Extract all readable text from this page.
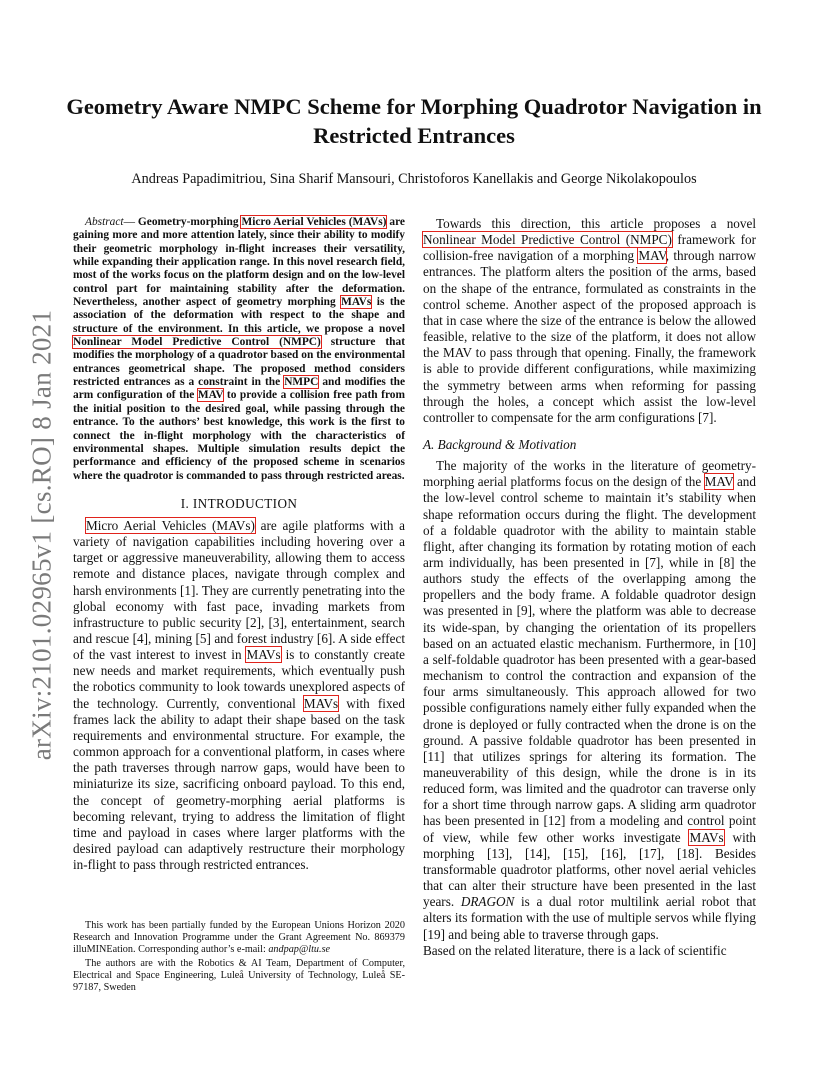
arXiv:2101.02965v1 [cs.RO] 8 Jan 2021
Geometry Aware NMPC Scheme for Morphing Quadrotor Navigation in Restricted Entrances
Andreas Papadimitriou, Sina Sharif Mansouri, Christoforos Kanellakis and George Nikolakopoulos

Abstract— Geometry-morphing Micro Aerial Vehicles (MAVs) are gaining more and more attention lately, since their ability to modify their geometric morphology in-flight increases their versatility, while expanding their application range. In this novel research field, most of the works focus on the platform design and on the low-level control part for maintaining stability after the deformation. Nevertheless, another aspect of geometry morphing MAVs is the association of the deformation with respect to the shape and structure of the environment. In this article, we propose a novel Nonlinear Model Predictive Control (NMPC) structure that modifies the morphology of a quadrotor based on the environmental entrances geometrical shape. The proposed method considers restricted entrances as a constraint in the NMPC and modifies the arm configuration of the MAV to provide a collision free path from the initial position to the desired goal, while passing through the entrance. To the authors’ best knowledge, this work is the first to connect the in-flight morphology with the characteristics of environmental shapes. Multiple simulation results depict the performance and efficiency of the proposed scheme in scenarios where the quadrotor is commanded to pass through restricted areas.

I. INTRODUCTION

Micro Aerial Vehicles (MAVs) are agile platforms with a variety of navigation capabilities including hovering over a target or aggressive maneuverability, allowing them to access remote and distance places, navigate through complex and harsh environments [1]. They are currently penetrating into the global economy with fast pace, invading markets from infrastructure to public security [2], [3], entertainment, search and rescue [4], mining [5] and forest industry [6]. A side effect of the vast interest to invest in MAVs is to constantly create new needs and market requirements, which eventually push the robotics community to look towards unexplored aspects of the technology. Currently, conventional MAVs with fixed frames lack the ability to adapt their shape based on the task requirements and environmental structure. For example, the common approach for a conventional platform, in cases where the path traverses through narrow gaps, would have been to miniaturize its size, sacrificing onboard payload. To this end, the concept of geometry-morphing aerial platforms is becoming relevant, trying to address the limitation of flight time and payload in cases where larger platforms with the desired payload can adaptively restructure their morphology in-flight to pass through restricted entrances.

This work has been partially funded by the European Unions Horizon 2020 Research and Innovation Programme under the Grant Agreement No. 869379 illuMINEation. Corresponding author’s e-mail: andpap@ltu.se

The authors are with the Robotics & AI Team, Department of Computer, Electrical and Space Engineering, Luleå University of Technology, Luleå SE-97187, Sweden

Towards this direction, this article proposes a novel Nonlinear Model Predictive Control (NMPC) framework for collision-free navigation of a morphing MAV, through narrow entrances. The platform alters the position of the arms, based on the shape of the entrance, formulated as constraints in the control scheme. Another aspect of the proposed approach is that in case where the size of the entrance is below the allowed feasible, relative to the size of the platform, it does not allow the MAV to pass through that opening. Finally, the framework is able to provide different configurations, while maximizing the symmetry between arms when reforming for passing through the holes, a concept which assist the low-level controller to compensate for the arm configurations [7].

A. Background & Motivation

The majority of the works in the literature of geometry-morphing aerial platforms focus on the design of the MAV and the low-level control scheme to maintain it’s stability when shape reformation occurs during the flight. The development of a foldable quadrotor with the ability to maintain stable flight, after changing its formation by rotating motion of each arm individually, has been presented in [7], while in [8] the authors study the effects of the overlapping among the propellers and the body frame. A foldable quadrotor design was presented in [9], where the platform was able to decrease its wide-span, by changing the orientation of its propellers based on an actuated elastic mechanism. Furthermore, in [10] a self-foldable quadrotor has been presented with a gear-based mechanism to control the contraction and expansion of the four arms simultaneously. This approach allowed for two possible configurations namely either fully expanded when the drone is deployed or fully contracted when the drone is on the ground. A passive foldable quadrotor has been presented in [11] that utilizes springs for altering its formation. The maneuverability of this design, while the drone is in its reduced form, was limited and the quadrotor can traverse only for a short time through narrow gaps. A sliding arm quadrotor has been presented in [12] from a modeling and control point of view, while few other works investigate MAVs with morphing [13], [14], [15], [16], [17], [18]. Besides transformable quadrotor platforms, other novel aerial vehicles that can alter their structure have been presented in the last years. DRAGON is a dual rotor multilink aerial robot that alters its formation with the use of multiple servos while flying [19] and being able to traverse through gaps.

Based on the related literature, there is a lack of scientific
